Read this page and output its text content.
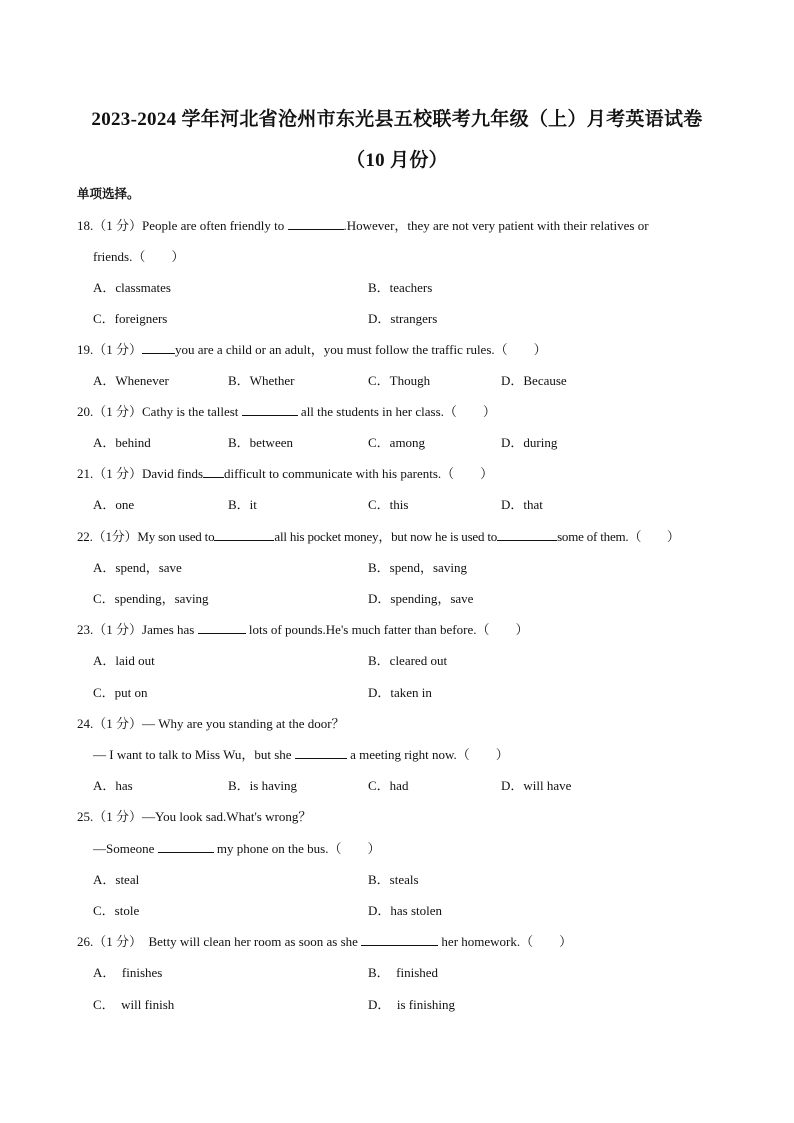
2023-2024 学年河北省沧州市东光县五校联考九年级（上）月考英语试卷
（10 月份）
单项选择。
18.（1 分）People are often friendly to	.However，they are not very patient with their relatives or
friends.（　　）
A．classmates	B．teachers
C．foreigners	D．strangers
19.（1 分）	you are a child or an adult，you must follow the traffic rules.（　　）
A．Whenever	B．Whether	C．Though	D．Because
20.（1 分）Cathy is the tallest	all the students in her class.（　　）
A．behind	B．between	C．among	D．during
21.（1 分）David finds difficult to communicate with his parents.（　　）
A．one	B．it	C．this	D．that
22.（1分）My son used to	all his pocket money，but now he is used to	some of them.（　　）
A．spend，save	B．spend，saving
C．spending，saving	D．spending，save
23.（1 分）James has	lots of pounds.He's much fatter than before.（　　）
A．laid out	B．cleared out
C．put on	D．taken in
24.（1 分）— Why are you standing at the door？
— I want to talk to Miss Wu，but she	a meeting right now.（　　）
A．has	B．is having	C．had	D．will have
25.（1 分）—You look sad.What's wrong？
—Someone	my phone on the bus.（　　）
A．steal	B．steals
C．stole	D．has stolen
26.（1 分）  Betty will clean her room as soon as she	her homework.（　　）
A．  finishes	B．  finished
C．  will finish	D．  is finishing
